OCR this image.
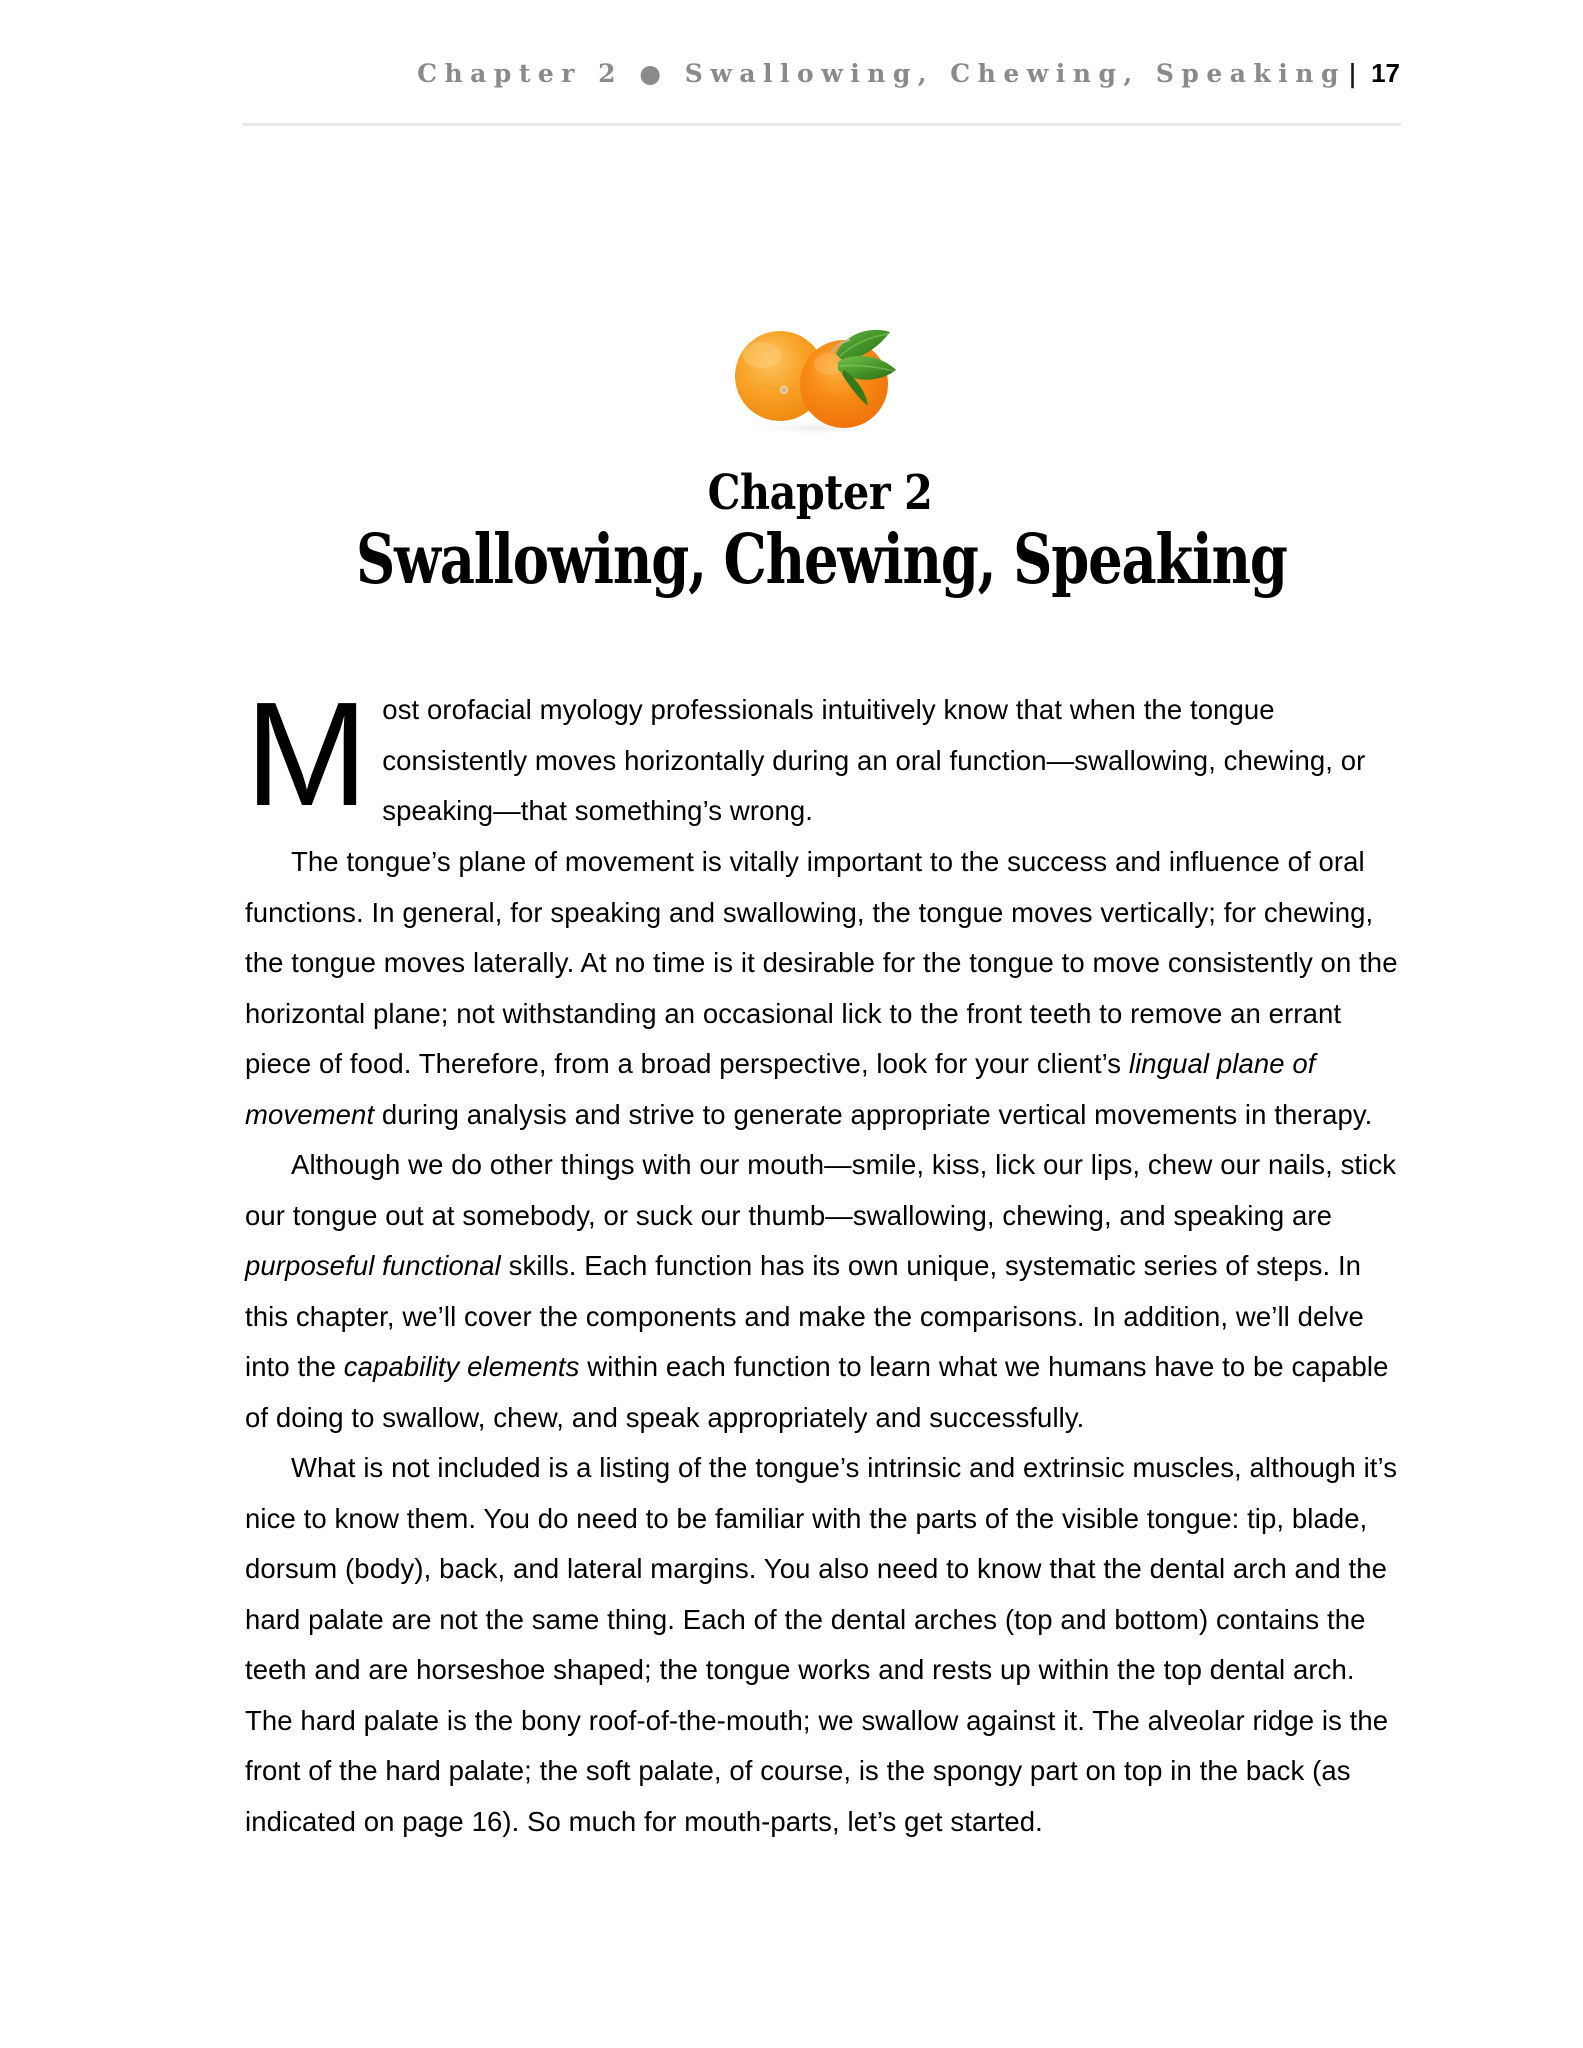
Chapter 2 ● Swallowing, Chewing, Speaking| 17
Chapter 2
Swallowing, Chewing, Speaking
M ost orofacial myology professionals intuitively know that when the tongue consistently moves horizontally during an oral function—swallowing, chewing, or speaking—that something’s wrong.

The tongue’s plane of movement is vitally important to the success and influence of oral functions. In general, for speaking and swallowing, the tongue moves vertically; for chewing, the tongue moves laterally. At no time is it desirable for the tongue to move consistently on the horizontal plane; not withstanding an occasional lick to the front teeth to remove an errant piece of food. Therefore, from a broad perspective, look for your client’s lingual plane of movement during analysis and strive to generate appropriate vertical movements in therapy.

Although we do other things with our mouth—smile, kiss, lick our lips, chew our nails, stick our tongue out at somebody, or suck our thumb—swallowing, chewing, and speaking are purposeful functional skills. Each function has its own unique, systematic series of steps. In this chapter, we’ll cover the components and make the comparisons. In addition, we’ll delve into the capability elements within each function to learn what we humans have to be capable of doing to swallow, chew, and speak appropriately and successfully.

What is not included is a listing of the tongue’s intrinsic and extrinsic muscles, although it’s nice to know them. You do need to be familiar with the parts of the visible tongue: tip, blade, dorsum (body), back, and lateral margins. You also need to know that the dental arch and the hard palate are not the same thing. Each of the dental arches (top and bottom) contains the teeth and are horseshoe shaped; the tongue works and rests up within the top dental arch. The hard palate is the bony roof-of-the-mouth; we swallow against it. The alveolar ridge is the front of the hard palate; the soft palate, of course, is the spongy part on top in the back (as indicated on page 16). So much for mouth-parts, let’s get started.
